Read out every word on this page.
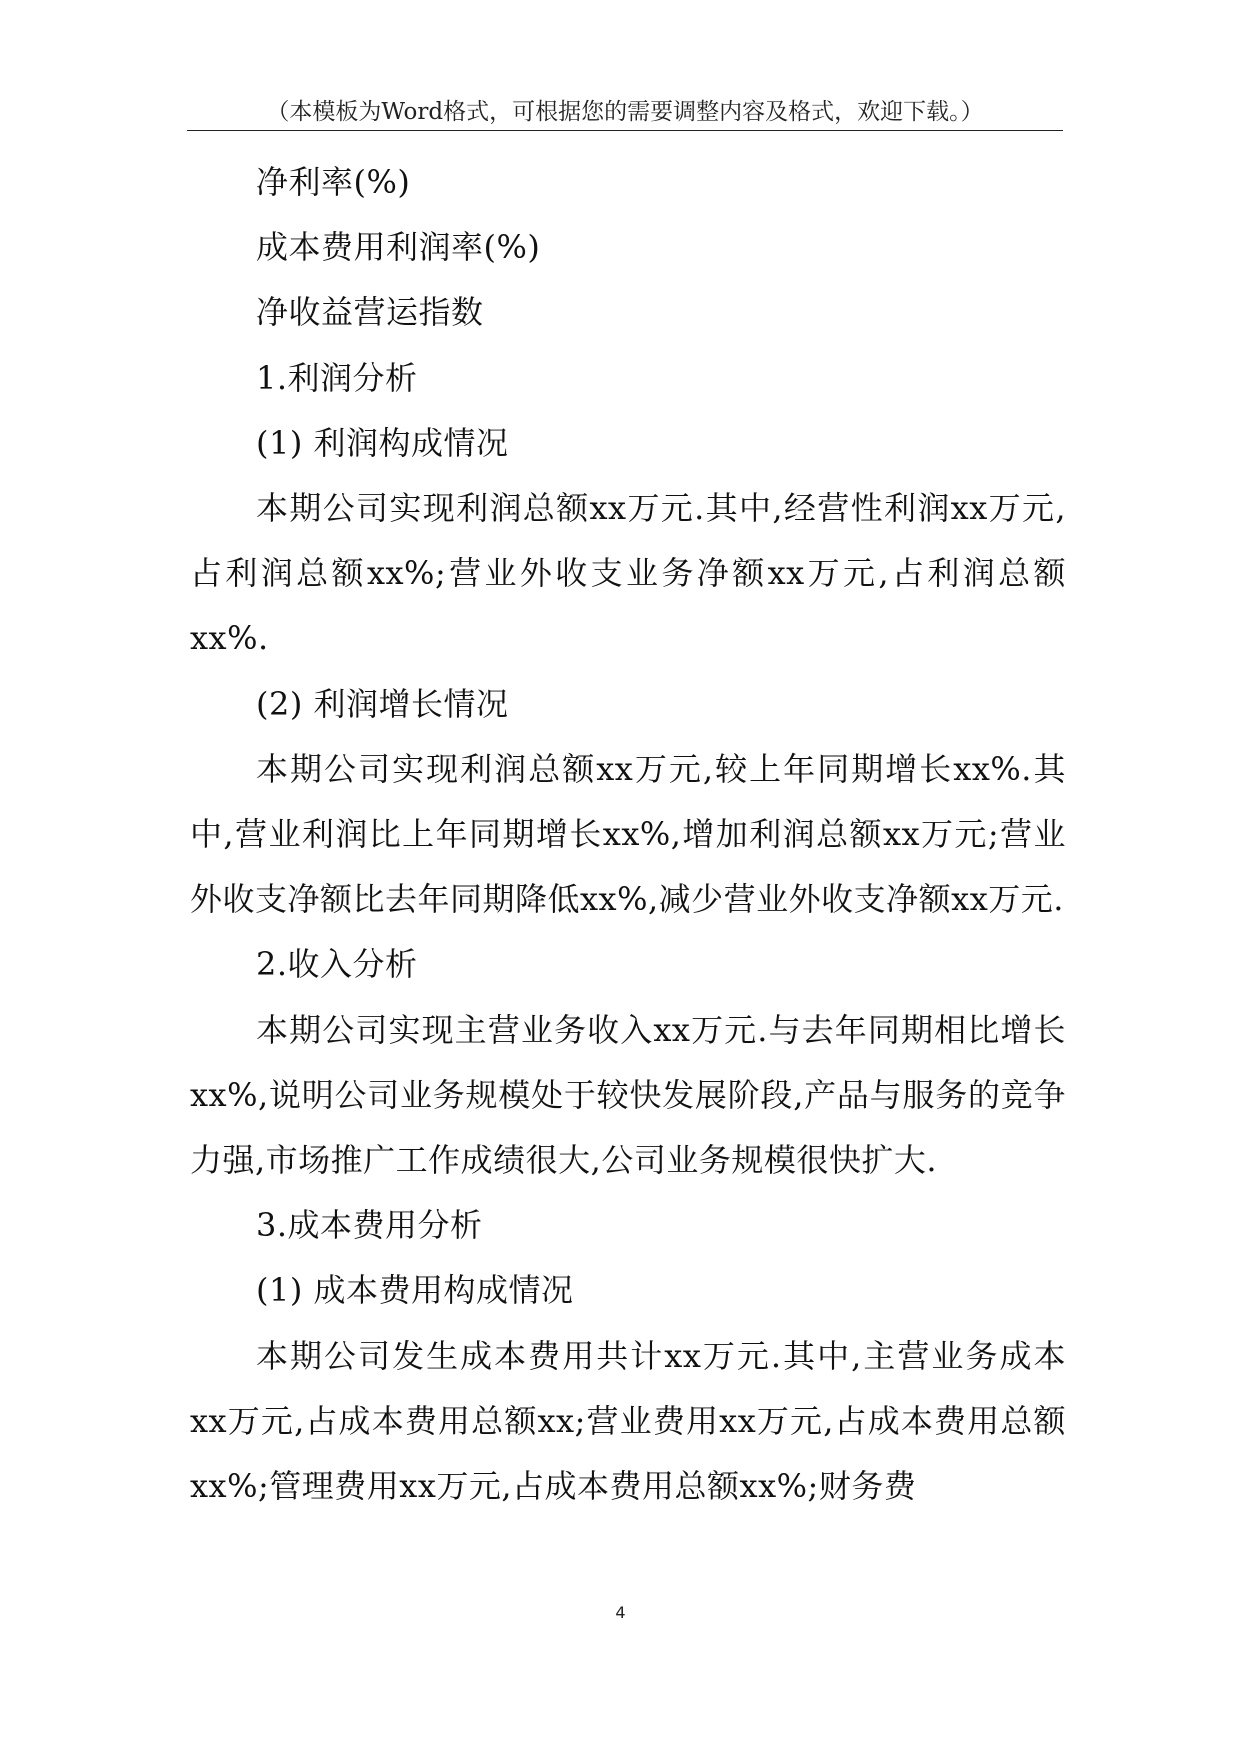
（本模板为Word格式，可根据您的需要调整内容及格式，欢迎下载。）

净利率(%)

成本费用利润率(%)

净收益营运指数

1.利润分析

(1) 利润构成情况

本期公司实现利润总额xx万元.其中,经营性利润xx万元,占利润总额xx%;营业外收支业务净额xx万元,占利润总额xx%.

(2) 利润增长情况

本期公司实现利润总额xx万元,较上年同期增长xx%.其中,营业利润比上年同期增长xx%,增加利润总额xx万元;营业外收支净额比去年同期降低xx%,减少营业外收支净额xx万元.

2.收入分析

本期公司实现主营业务收入xx万元.与去年同期相比增长xx%,说明公司业务规模处于较快发展阶段,产品与服务的竞争力强,市场推广工作成绩很大,公司业务规模很快扩大.

3.成本费用分析

(1) 成本费用构成情况

本期公司发生成本费用共计xx万元.其中,主营业务成本xx万元,占成本费用总额xx;营业费用xx万元,占成本费用总额xx%;管理费用xx万元,占成本费用总额xx%;财务费

4
